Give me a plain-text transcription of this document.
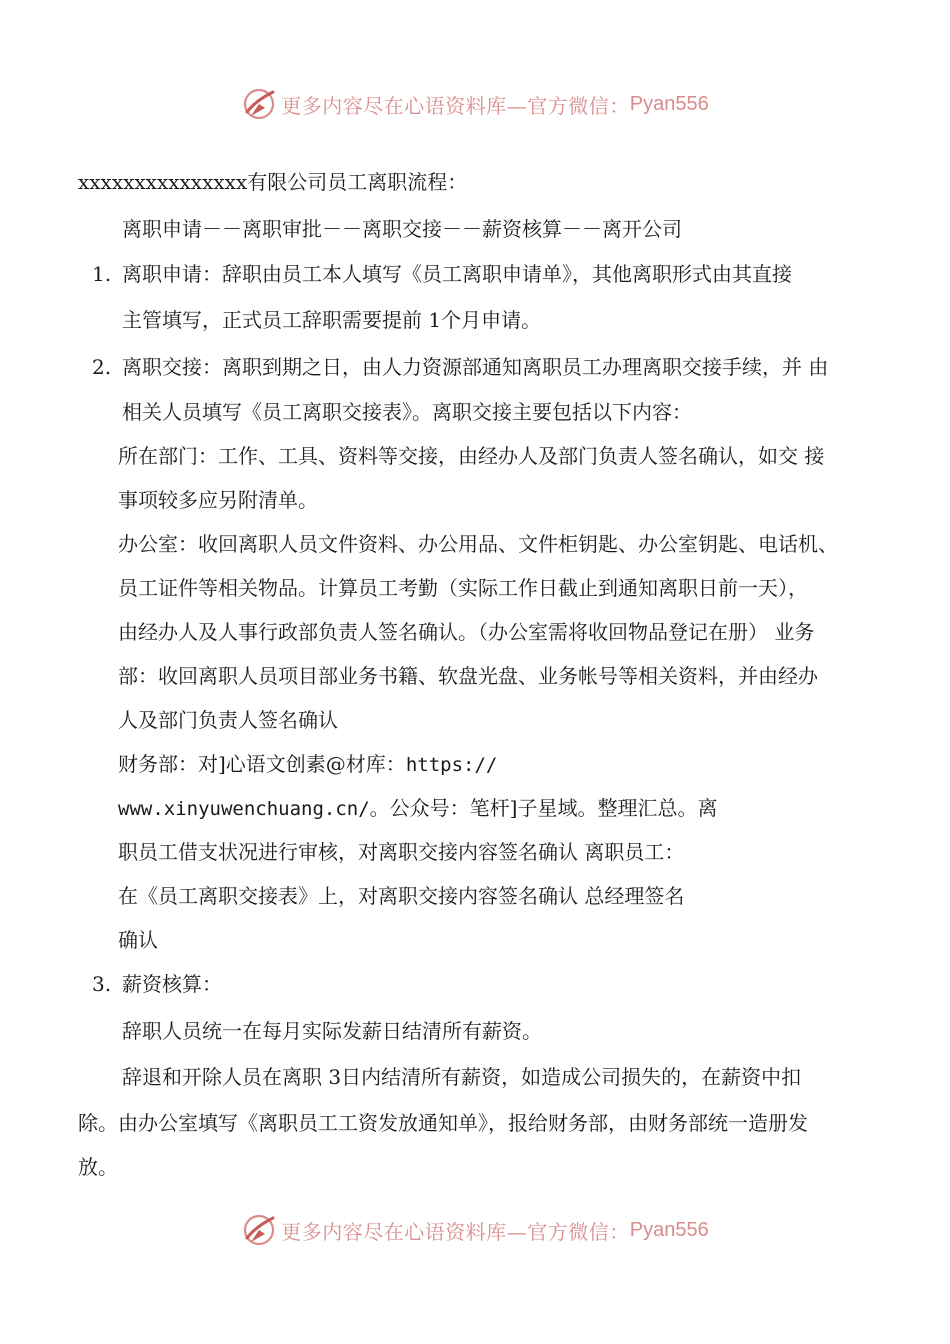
更多内容尽在心语资料库—官方微信： Pyan556
xxxxxxxxxxxxxxx有限公司员工离职流程：
离职申请－－离职审批－－离职交接－－薪资核算－－离开公司
1. 离职申请：辞职由员工本人填写《员工离职申请单》，其他离职形式由其直接
主管填写，正式员工辞职需要提前 1个月申请。
2. 离职交接：离职到期之日，由人力资源部通知离职员工办理离职交接手续，并 由
相关人员填写《员工离职交接表》。离职交接主要包括以下内容：
所在部门：工作、工具、资料等交接，由经办人及部门负责人签名确认，如交 接
事项较多应另附清单。
办公室：收回离职人员文件资料、办公用品、文件柜钥匙、办公室钥匙、电话机、
员工证件等相关物品。计算员工考勤（实际工作日截止到通知离职日前一天），
由经办人及人事行政部负责人签名确认。（办公室需将收回物品登记在册） 业务
部：收回离职人员项目部业务书籍、软盘光盘、业务帐号等相关资料，并由经办
人及部门负责人签名确认
财务部：对]心语文创素@材库：https://
www.xinyuwenchuang.cn/。公众号：笔杆]子星域。整理汇总。离
职员工借支状况进行审核，对离职交接内容签名确认 离职员工：
在《员工离职交接表》上，对离职交接内容签名确认 总经理签名
确认
3. 薪资核算：
辞职人员统一在每月实际发薪日结清所有薪资。
辞退和开除人员在离职 3日内结清所有薪资，如造成公司损失的，在薪资中扣
除。由办公室填写《离职员工工资发放通知单》，报给财务部，由财务部统一造册发
放。
更多内容尽在心语资料库—官方微信： Pyan556
